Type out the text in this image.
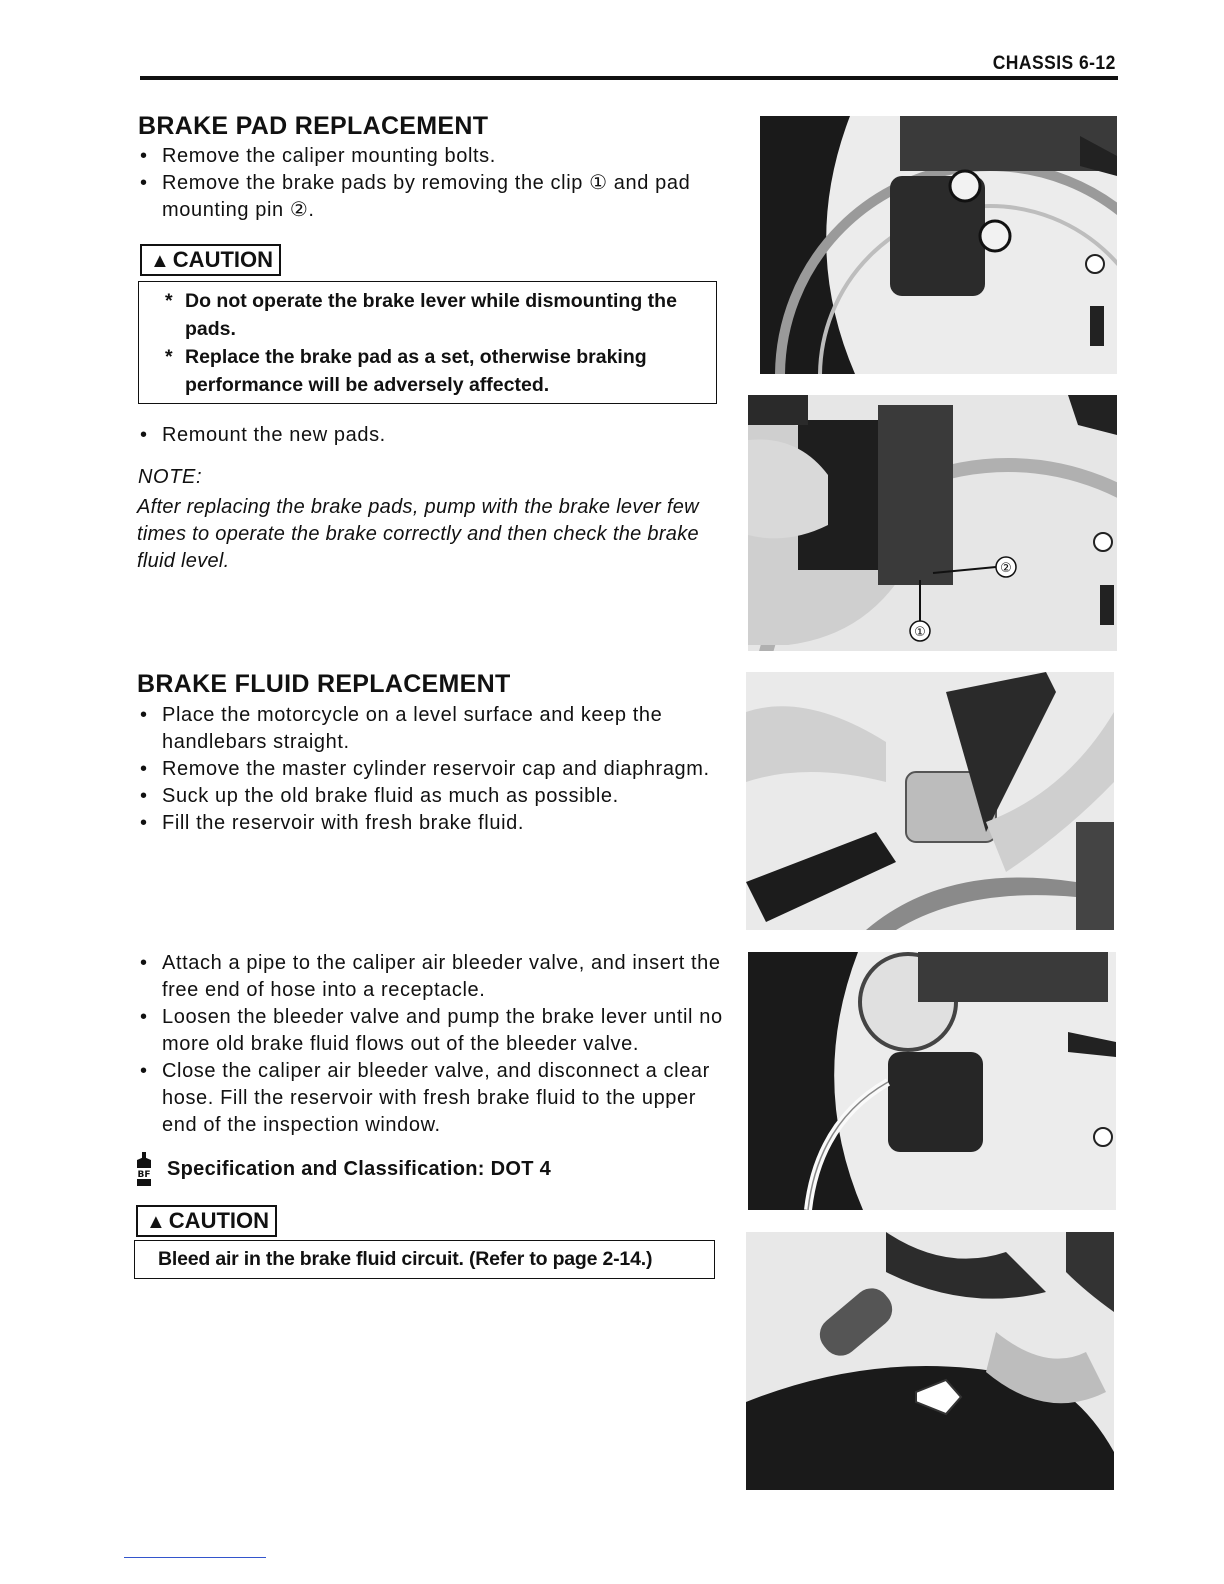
CHASSIS 6-12
BRAKE PAD REPLACEMENT
• Remove the caliper mounting bolts.
• Remove the brake pads by removing the clip ① and pad mounting pin ②.
▲ CAUTION
* Do not operate the brake lever while dismounting the pads.
* Replace the brake pad as a set, otherwise braking performance will be adversely affected.
• Remount the new pads.
NOTE:
After replacing the brake pads, pump with the brake lever few times to operate the brake correctly and then check the brake fluid level.
BRAKE FLUID REPLACEMENT
• Place the motorcycle on a level surface and keep the handlebars straight.
• Remove the master cylinder reservoir cap and diaphragm.
• Suck up the old brake fluid as much as possible.
• Fill the reservoir with fresh brake fluid.
• Attach a pipe to the caliper air bleeder valve, and insert the free end of hose into a receptacle.
• Loosen the bleeder valve and pump the brake lever until no more old brake fluid flows out of the bleeder valve.
• Close the caliper air bleeder valve, and disconnect a clear hose. Fill the reservoir with fresh brake fluid to the upper end of the inspection window.
BF Specification and Classification: DOT 4
▲ CAUTION
Bleed air in the brake fluid circuit. (Refer to page 2-14.)
②
①
